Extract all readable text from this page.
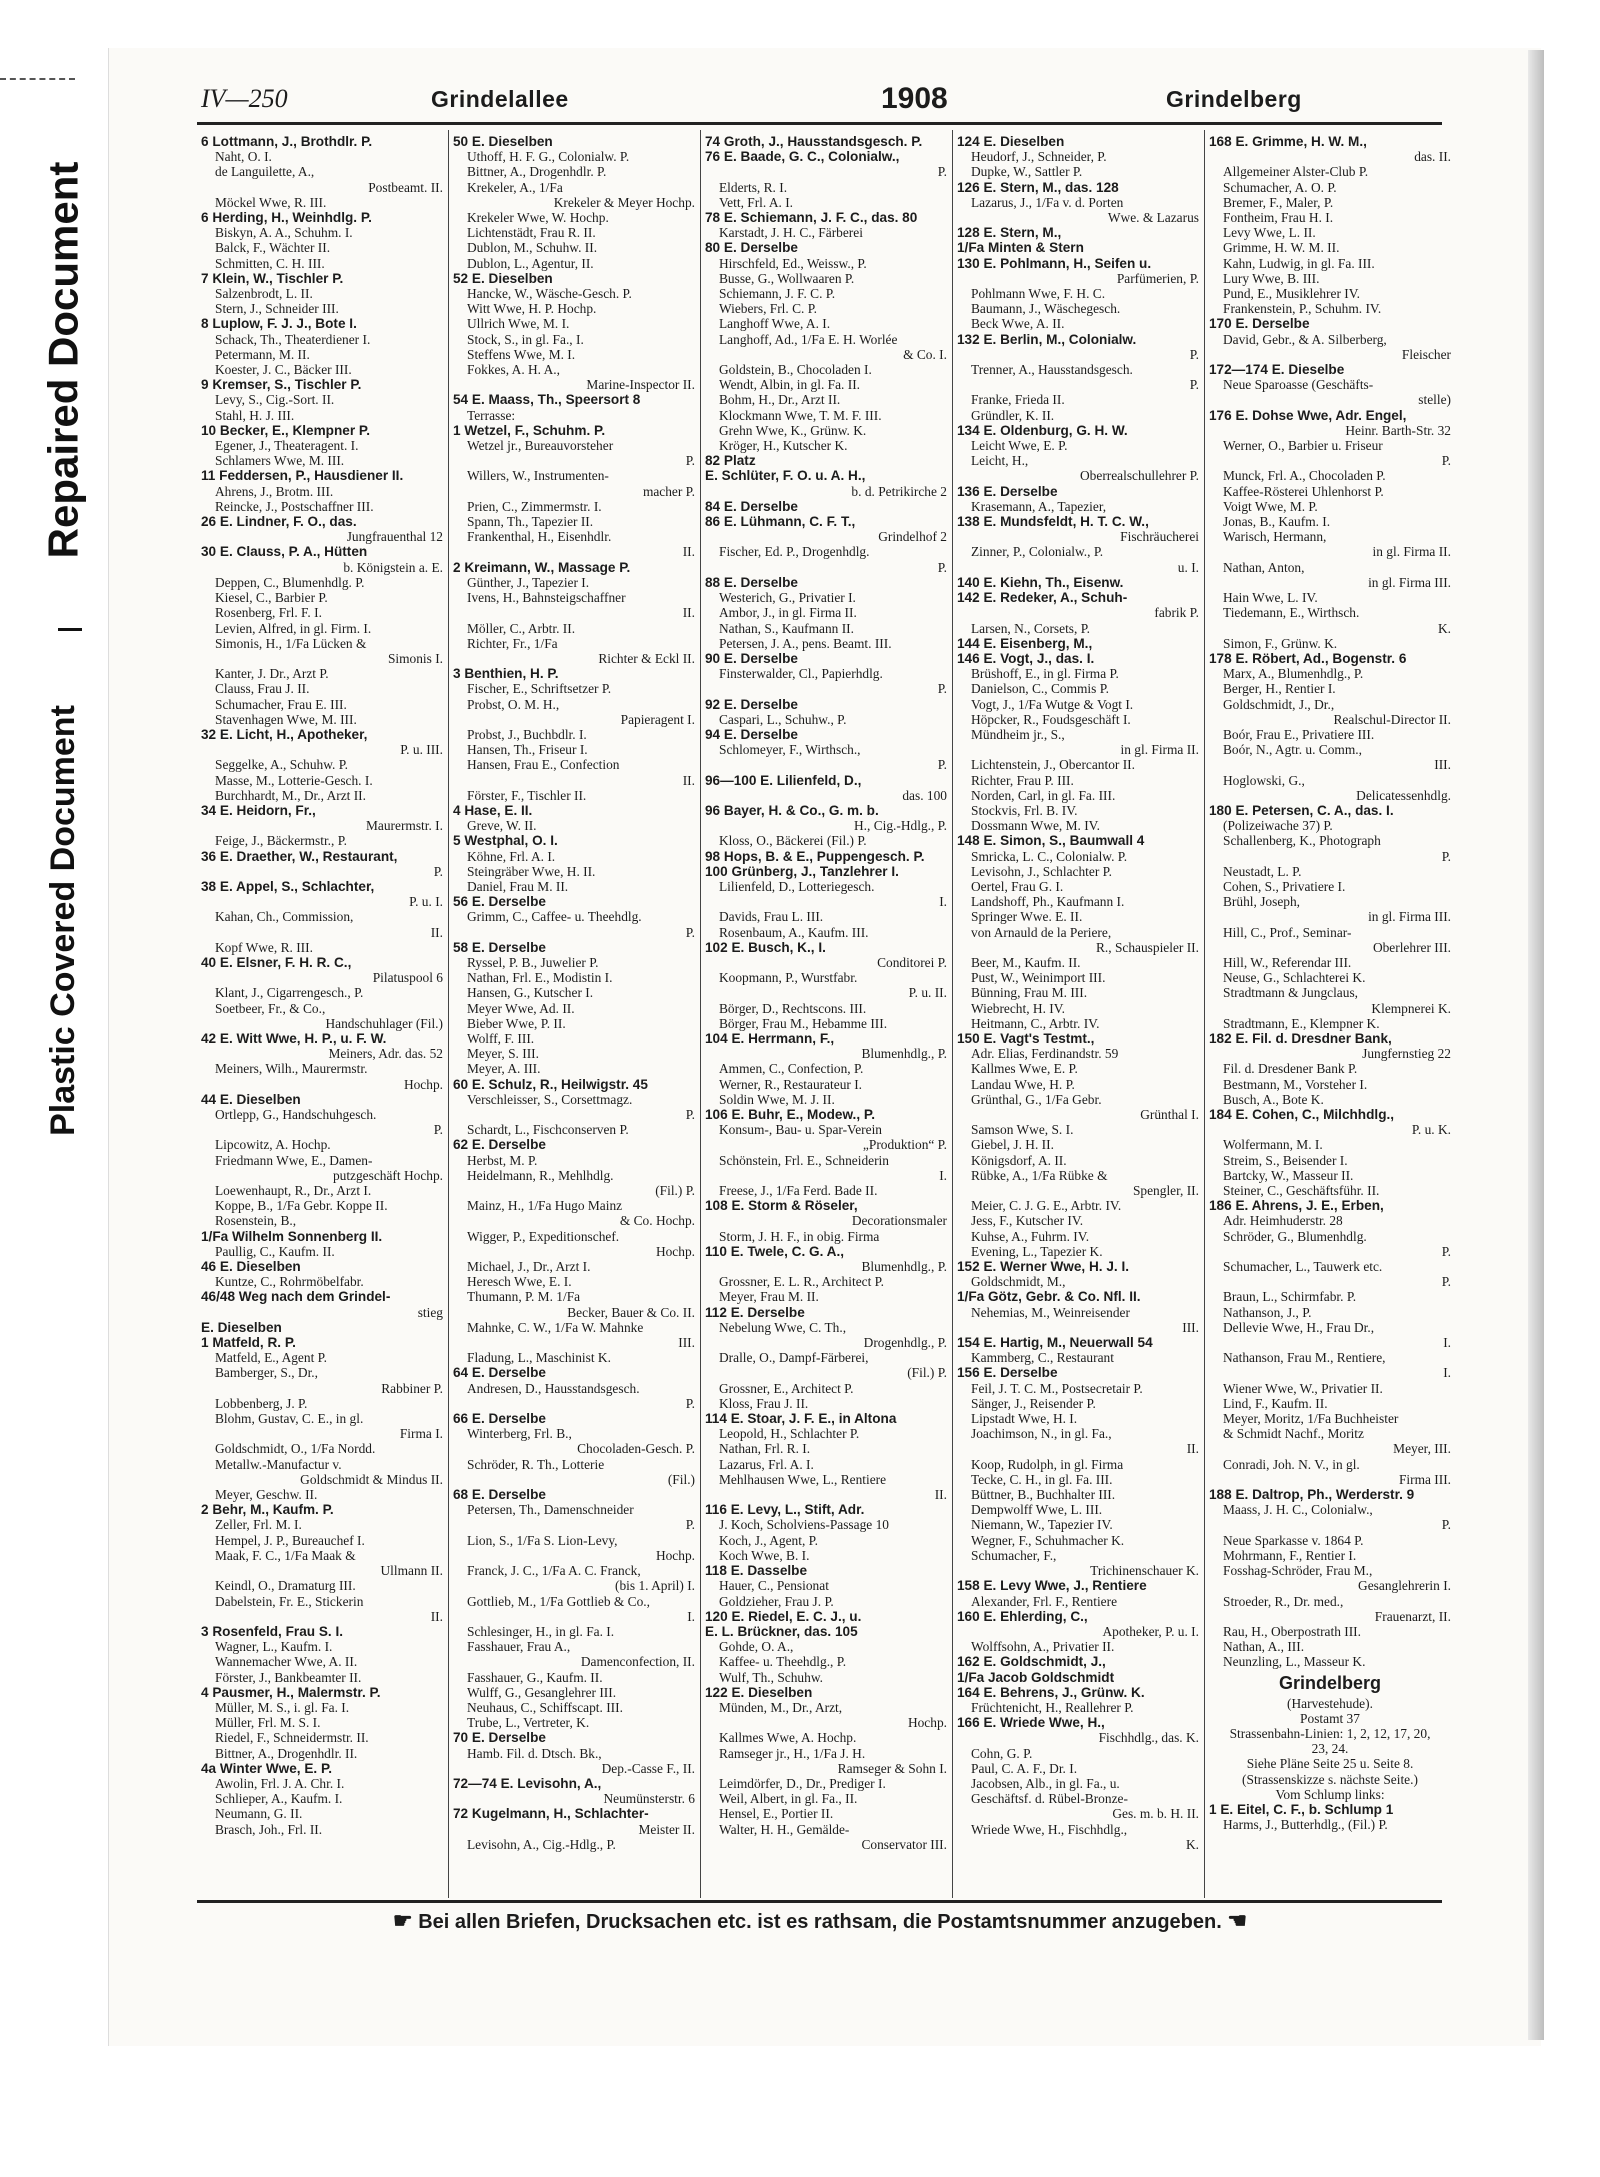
Repaired Document
Plastic Covered Document
IV—250	Grindelallee	1908	Grindelberg
6 Lottmann, J., Brothdlr. P.
Naht, O. I.
de Languilette, A.,
Postbeamt. II.
Möckel Wwe, R. III.
6 Herding, H., Weinhdlg. P.
Biskyn, A. A., Schuhm. I.
Balck, F., Wächter II.
Schmitten, C. H. III.
7 Klein, W., Tischler P.
Salzenbrodt, L. II.
Stern, J., Schneider III.
8 Luplow, F. J. J., Bote I.
Schack, Th., Theaterdiener I.
Petermann, M. II.
Koester, J. C., Bäcker III.
9 Kremser, S., Tischler P.
Levy, S., Cig.-Sort. II.
Stahl, H. J. III.
10 Becker, E., Klempner P.
Egener, J., Theateragent. I.
Schlamers Wwe, M. III.
11 Feddersen, P., Hausdiener II.
Ahrens, J., Brotm. III.
Reincke, J., Postschaffner III.
26 E. Lindner, F. O., das.
Jungfrauenthal 12
30 E. Clauss, P. A., Hütten
b. Königstein a. E.
Deppen, C., Blumenhdlg. P.
Kiesel, C., Barbier P.
Rosenberg, Frl. F. I.
Levien, Alfred, in gl. Firm. I.
Simonis, H., 1/Fa Lücken &
Simonis I.
Kanter, J. Dr., Arzt P.
Clauss, Frau J. II.
Schumacher, Frau E. III.
Stavenhagen Wwe, M. III.
32 E. Licht, H., Apotheker,
P. u. III.
Seggelke, A., Schuhw. P.
Masse, M., Lotterie-Gesch. I.
Burchhardt, M., Dr., Arzt II.
34 E. Heidorn, Fr.,
Maurermstr. I.
Feige, J., Bäckermstr., P.
36 E. Draether, W., Restaurant,
P.
38 E. Appel, S., Schlachter,
P. u. I.
Kahan, Ch., Commission,
II.
Kopf Wwe, R. III.
40 E. Elsner, F. H. R. C.,
Pilatuspool 6
Klant, J., Cigarrengesch., P.
Soetbeer, Fr., & Co.,
Handschuhlager (Fil.)
42 E. Witt Wwe, H. P., u. F. W.
Meiners, Adr. das. 52
Meiners, Wilh., Maurermstr.
Hochp.
44 E. Dieselben
Ortlepp, G., Handschuhgesch.
P.
Lipcowitz, A. Hochp.
Friedmann Wwe, E., Damen-
putzgeschäft Hochp.
Loewenhaupt, R., Dr., Arzt I.
Koppe, B., 1/Fa Gebr. Koppe II.
Rosenstein, B.,
1/Fa Wilhelm Sonnenberg II.
Paullig, C., Kaufm. II.
46 E. Dieselben
Kuntze, C., Rohrmöbelfabr.
46/48 Weg nach dem Grindel-
stieg
E. Dieselben
1 Matfeld, R. P.
Matfeld, E., Agent P.
Bamberger, S., Dr.,
Rabbiner P.
Lobbenberg, J. P.
Blohm, Gustav, C. E., in gl.
Firma I.
Goldschmidt, O., 1/Fa Nordd.
Metallw.-Manufactur v.
Goldschmidt & Mindus II.
Meyer, Geschw. II.
2 Behr, M., Kaufm. P.
Zeller, Frl. M. I.
Hempel, J. P., Bureauchef I.
Maak, F. C., 1/Fa Maak &
Ullmann II.
Keindl, O., Dramaturg III.
Dabelstein, Fr. E., Stickerin
II.
3 Rosenfeld, Frau S. I.
Wagner, L., Kaufm. I.
Wannemacher Wwe, A. II.
Förster, J., Bankbeamter II.
4 Pausmer, H., Malermstr. P.
Müller, M. S., i. gl. Fa. I.
Müller, Frl. M. S. I.
Riedel, F., Schneidermstr. II.
Bittner, A., Drogenhdlr. II.
4a Winter Wwe, E. P.
Awolin, Frl. J. A. Chr. I.
Schlieper, A., Kaufm. I.
Neumann, G. II.
Brasch, Joh., Frl. II.
50 E. Dieselben
Uthoff, H. F. G., Colonialw. P.
Bittner, A., Drogenhdlr. P.
Krekeler, A., 1/Fa
Krekeler & Meyer Hochp.
Krekeler Wwe, W. Hochp.
Lichtenstädt, Frau R. II.
Dublon, M., Schuhw. II.
Dublon, L., Agentur, II.
52 E. Dieselben
Hancke, W., Wäsche-Gesch. P.
Witt Wwe, H. P. Hochp.
Ullrich Wwe, M. I.
Stock, S., in gl. Fa., I.
Steffens Wwe, M. I.
Fokkes, A. H. A.,
Marine-Inspector II.
54 E. Maass, Th., Speersort 8
Terrasse:
1 Wetzel, F., Schuhm. P.
Wetzel jr., Bureauvorsteher
P.
Willers, W., Instrumenten-
macher P.
Prien, C., Zimmermstr. I.
Spann, Th., Tapezier II.
Frankenthal, H., Eisenhdlr.
II.
2 Kreimann, W., Massage P.
Günther, J., Tapezier I.
Ivens, H., Bahnsteigschaffner
II.
Möller, C., Arbtr. II.
Richter, Fr., 1/Fa
Richter & Eckl II.
3 Benthien, H. P.
Fischer, E., Schriftsetzer P.
Probst, O. M. H.,
Papieragent I.
Probst, J., Buchbdlr. I.
Hansen, Th., Friseur I.
Hansen, Frau E., Confection
II.
Förster, F., Tischler II.
4 Hase, E. II.
Greve, W. II.
5 Westphal, O. I.
Köhne, Frl. A. I.
Steingräber Wwe, H. II.
Daniel, Frau M. II.
56 E. Derselbe
Grimm, C., Caffee- u. Theehdlg.
P.
58 E. Derselbe
Ryssel, P. B., Juwelier P.
Nathan, Frl. E., Modistin I.
Hansen, G., Kutscher I.
Meyer Wwe, Ad. II.
Bieber Wwe, P. II.
Wolff, F. III.
Meyer, S. III.
Meyer, A. III.
60 E. Schulz, R., Heilwigstr. 45
Verschleisser, S., Corsettmagz.
P.
Schardt, L., Fischconserven P.
62 E. Derselbe
Herbst, M. P.
Heidelmann, R., Mehlhdlg.
(Fil.) P.
Mainz, H., 1/Fa Hugo Mainz
& Co. Hochp.
Wigger, P., Expeditionschef.
Hochp.
Michael, J., Dr., Arzt I.
Heresch Wwe, E. I.
Thumann, P. M. 1/Fa
Becker, Bauer & Co. II.
Mahnke, C. W., 1/Fa W. Mahnke
III.
Fladung, L., Maschinist K.
64 E. Derselbe
Andresen, D., Hausstandsgesch.
P.
66 E. Derselbe
Winterberg, Frl. B.,
Chocoladen-Gesch. P.
Schröder, R. Th., Lotterie
(Fil.)
68 E. Derselbe
Petersen, Th., Damenschneider
P.
Lion, S., 1/Fa S. Lion-Levy,
Hochp.
Franck, J. C., 1/Fa A. C. Franck,
(bis 1. April) I.
Gottlieb, M., 1/Fa Gottlieb & Co.,
I.
Schlesinger, H., in gl. Fa. I.
Fasshauer, Frau A.,
Damenconfection, II.
Fasshauer, G., Kaufm. II.
Wulff, G., Gesanglehrer III.
Neuhaus, C., Schiffscapt. III.
Trube, L., Vertreter, K.
70 E. Derselbe
Hamb. Fil. d. Dtsch. Bk.,
Dep.-Casse F., II.
72—74 E. Levisohn, A.,
Neumünsterstr. 6
72 Kugelmann, H., Schlachter-
Meister II.
Levisohn, A., Cig.-Hdlg., P.
74 Groth, J., Hausstandsgesch. P.
76 E. Baade, G. C., Colonialw.,
P.
Elderts, R. I.
Vett, Frl. A. I.
78 E. Schiemann, J. F. C., das. 80
Karstadt, J. H. C., Färberei
80 E. Derselbe
Hirschfeld, Ed., Weissw., P.
Busse, G., Wollwaaren P.
Schiemann, J. F. C. P.
Wiebers, Frl. C. P.
Langhoff Wwe, A. I.
Langhoff, Ad., 1/Fa E. H. Worlée
& Co. I.
Goldstein, B., Chocoladen I.
Wendt, Albin, in gl. Fa. II.
Bohm, H., Dr., Arzt II.
Klockmann Wwe, T. M. F. III.
Grehn Wwe, K., Grünw. K.
Kröger, H., Kutscher K.
82 Platz
E. Schlüter, F. O. u. A. H.,
b. d. Petrikirche 2
84 E. Derselbe
86 E. Lühmann, C. F. T.,
Grindelhof 2
Fischer, Ed. P., Drogenhdlg.
P.
88 E. Derselbe
Westerich, G., Privatier I.
Ambor, J., in gl. Firma II.
Nathan, S., Kaufmann II.
Petersen, J. A., pens. Beamt. III.
90 E. Derselbe
Finsterwalder, Cl., Papierhdlg.
P.
92 E. Derselbe
Caspari, L., Schuhw., P.
94 E. Derselbe
Schlomeyer, F., Wirthsch.,
P.
96—100 E. Lilienfeld, D.,
das. 100
96 Bayer, H. & Co., G. m. b.
H., Cig.-Hdlg., P.
Kloss, O., Bäckerei (Fil.) P.
98 Hops, B. & E., Puppengesch. P.
100 Grünberg, J., Tanzlehrer I.
Lilienfeld, D., Lotteriegesch.
I.
Davids, Frau L. III.
Rosenbaum, A., Kaufm. III.
102 E. Busch, K., I.
Conditorei P.
Koopmann, P., Wurstfabr.
P. u. II.
Börger, D., Rechtscons. III.
Börger, Frau M., Hebamme III.
104 E. Herrmann, F.,
Blumenhdlg., P.
Ammen, C., Confection, P.
Werner, R., Restaurateur I.
Soldin Wwe, M. J. II.
106 E. Buhr, E., Modew., P.
Konsum-, Bau- u. Spar-Verein
„Produktion“ P.
Schönstein, Frl. E., Schneiderin
I.
Freese, J., 1/Fa Ferd. Bade II.
108 E. Storm & Röseler,
Decorationsmaler
Storm, J. H. F., in obig. Firma
110 E. Twele, C. G. A.,
Blumenhdlg., P.
Grossner, E. L. R., Architect P.
Meyer, Frau M. II.
112 E. Derselbe
Nebelung Wwe, C. Th.,
Drogenhdlg., P.
Dralle, O., Dampf-Färberei,
(Fil.) P.
Grossner, E., Architect P.
Kloss, Frau J. II.
114 E. Stoar, J. F. E., in Altona
Leopold, H., Schlachter P.
Nathan, Frl. R. I.
Lazarus, Frl. A. I.
Mehlhausen Wwe, L., Rentiere
II.
116 E. Levy, L., Stift, Adr.
J. Koch, Scholviens-Passage 10
Koch, J., Agent, P.
Koch Wwe, B. I.
118 E. Dasselbe
Hauer, C., Pensionat
Goldzieher, Frau J. P.
120 E. Riedel, E. C. J., u.
E. L. Brückner, das. 105
Gohde, O. A.,
Kaffee- u. Theehdlg., P.
Wulf, Th., Schuhw.
122 E. Dieselben
Münden, M., Dr., Arzt,
Hochp.
Kallmes Wwe, A. Hochp.
Ramseger jr., H., 1/Fa J. H.
Ramseger & Sohn I.
Leimdörfer, D., Dr., Prediger I.
Weil, Albert, in gl. Fa., II.
Hensel, E., Portier II.
Walter, H. H., Gemälde-
Conservator III.
124 E. Dieselben
Heudorf, J., Schneider, P.
Dupke, W., Sattler P.
126 E. Stern, M., das. 128
Lazarus, J., 1/Fa v. d. Porten
Wwe. & Lazarus
128 E. Stern, M.,
1/Fa Minten & Stern
130 E. Pohlmann, H., Seifen u.
Parfümerien, P.
Pohlmann Wwe, F. H. C.
Baumann, J., Wäschegesch.
Beck Wwe, A. II.
132 E. Berlin, M., Colonialw.
P.
Trenner, A., Hausstandsgesch.
P.
Franke, Frieda II.
Gründler, K. II.
134 E. Oldenburg, G. H. W.
Leicht Wwe, E. P.
Leicht, H.,
Oberrealschullehrer P.
136 E. Derselbe
Krasemann, A., Tapezier,
138 E. Mundsfeldt, H. T. C. W.,
Fischräucherei
Zinner, P., Colonialw., P.
u. I.
140 E. Kiehn, Th., Eisenw.
142 E. Redeker, A., Schuh-
fabrik P.
Larsen, N., Corsets, P.
144 E. Eisenberg, M.,
146 E. Vogt, J., das. I.
Brüshoff, E., in gl. Firma P.
Danielson, C., Commis P.
Vogt, J., 1/Fa Wutge & Vogt I.
Höpcker, R., Foudsgeschäft I.
Mündheim jr., S.,
in gl. Firma II.
Lichtenstein, J., Obercantor II.
Richter, Frau P. III.
Norden, Carl, in gl. Fa. III.
Stockvis, Frl. B. IV.
Dossmann Wwe, M. IV.
148 E. Simon, S., Baumwall 4
Smricka, L. C., Colonialw. P.
Levisohn, J., Schlachter P.
Oertel, Frau G. I.
Landshoff, Ph., Kaufmann I.
Springer Wwe. E. II.
von Arnauld de la Periere,
R., Schauspieler II.
Beer, M., Kaufm. II.
Pust, W., Weinimport III.
Bünning, Frau M. III.
Wiebrecht, H. IV.
Heitmann, C., Arbtr. IV.
150 E. Vagt's Testmt.,
Adr. Elias, Ferdinandstr. 59
Kallmes Wwe, E. P.
Landau Wwe, H. P.
Grünthal, G., 1/Fa Gebr.
Grünthal I.
Samson Wwe, S. I.
Giebel, J. H. II.
Königsdorf, A. II.
Rübke, A., 1/Fa Rübke &
Spengler, II.
Meier, C. J. G. E., Arbtr. IV.
Jess, F., Kutscher IV.
Kuhse, A., Fuhrm. IV.
Evening, L., Tapezier K.
152 E. Werner Wwe, H. J. I.
Goldschmidt, M.,
1/Fa Götz, Gebr. & Co. Nfl. II.
Nehemias, M., Weinreisender
III.
154 E. Hartig, M., Neuerwall 54
Kammberg, C., Restaurant
156 E. Derselbe
Feil, J. T. C. M., Postsecretair P.
Sänger, J., Reisender P.
Lipstadt Wwe, H. I.
Joachimson, N., in gl. Fa.,
II.
Koop, Rudolph, in gl. Firma
Tecke, C. H., in gl. Fa. III.
Büttner, B., Buchhalter III.
Dempwolff Wwe, L. III.
Niemann, W., Tapezier IV.
Wegner, F., Schuhmacher K.
Schumacher, F.,
Trichinenschauer K.
158 E. Levy Wwe, J., Rentiere
Alexander, Frl. F., Rentiere
160 E. Ehlerding, C.,
Apotheker, P. u. I.
Wolffsohn, A., Privatier II.
162 E. Goldschmidt, J.,
1/Fa Jacob Goldschmidt
164 E. Behrens, J., Grünw. K.
Früchtenicht, H., Reallehrer P.
166 E. Wriede Wwe, H.,
Fischhdlg., das. K.
Cohn, G. P.
Paul, C. A. F., Dr. I.
Jacobsen, Alb., in gl. Fa., u.
Geschäftsf. d. Rübel-Bronze-
Ges. m. b. H. II.
Wriede Wwe, H., Fischhdlg.,
K.
168 E. Grimme, H. W. M.,
das. II.
Allgemeiner Alster-Club P.
Schumacher, A. O. P.
Bremer, F., Maler, P.
Fontheim, Frau H. I.
Levy Wwe, L. II.
Grimme, H. W. M. II.
Kahn, Ludwig, in gl. Fa. III.
Lury Wwe, B. III.
Pund, E., Musiklehrer IV.
Frankenstein, P., Schuhm. IV.
170 E. Derselbe
David, Gebr., & A. Silberberg,
Fleischer
172—174 E. Dieselbe
Neue Sparoasse (Geschäfts-
stelle)
176 E. Dohse Wwe, Adr. Engel,
Heinr. Barth-Str. 32
Werner, O., Barbier u. Friseur
P.
Munck, Frl. A., Chocoladen P.
Kaffee-Rösterei Uhlenhorst P.
Voigt Wwe, M. P.
Jonas, B., Kaufm. I.
Warisch, Hermann,
in gl. Firma II.
Nathan, Anton,
in gl. Firma III.
Hain Wwe, L. IV.
Tiedemann, E., Wirthsch.
K.
Simon, F., Grünw. K.
178 E. Röbert, Ad., Bogenstr. 6
Marx, A., Blumenhdlg., P.
Berger, H., Rentier I.
Goldschmidt, J., Dr.,
Realschul-Director II.
Boór, Frau E., Privatiere III.
Boór, N., Agtr. u. Comm.,
III.
Hoglowski, G.,
Delicatessenhdlg.
180 E. Petersen, C. A., das. I.
(Polizeiwache 37) P.
Schallenberg, K., Photograph
P.
Neustadt, L. P.
Cohen, S., Privatiere I.
Brühl, Joseph,
in gl. Firma III.
Hill, C., Prof., Seminar-
Oberlehrer III.
Hill, W., Referendar III.
Neuse, G., Schlachterei K.
Stradtmann & Jungclaus,
Klempnerei K.
Stradtmann, E., Klempner K.
182 E. Fil. d. Dresdner Bank,
Jungfernstieg 22
Fil. d. Dresdener Bank P.
Bestmann, M., Vorsteher I.
Busch, A., Bote K.
184 E. Cohen, C., Milchhdlg.,
P. u. K.
Wolfermann, M. I.
Streim, S., Beisender I.
Bartcky, W., Masseur II.
Steiner, C., Geschäftsführ. II.
186 E. Ahrens, J. E., Erben,
Adr. Heimhuderstr. 28
Schröder, G., Blumenhdlg.
P.
Schumacher, L., Tauwerk etc.
P.
Braun, L., Schirmfabr. P.
Nathanson, J., P.
Dellevie Wwe, H., Frau Dr.,
I.
Nathanson, Frau M., Rentiere,
I.
Wiener Wwe, W., Privatier II.
Lind, F., Kaufm. II.
Meyer, Moritz, 1/Fa Buchheister
& Schmidt Nachf., Moritz
Meyer, III.
Conradi, Joh. N. V., in gl.
Firma III.
188 E. Daltrop, Ph., Werderstr. 9
Maass, J. H. C., Colonialw.,
P.
Neue Sparkasse v. 1864 P.
Mohrmann, F., Rentier I.
Fosshag-Schröder, Frau M.,
Gesanglehrerin I.
Stroeder, R., Dr. med.,
Frauenarzt, II.
Rau, H., Oberpostrath III.
Nathan, A., III.
Neunzling, L., Masseur K.
Grindelberg
(Harvestehude).
Postamt 37
Strassenbahn-Linien: 1, 2, 12, 17, 20,
23, 24.
Siehe Pläne Seite 25 u. Seite 8.
(Strassenskizze s. nächste Seite.)
Vom Schlump links:
1 E. Eitel, C. F., b. Schlump 1
Harms, J., Butterhdlg., (Fil.) P.
☛ Bei allen Briefen, Drucksachen etc. ist es rathsam, die Postamtsnummer anzugeben. ☚
